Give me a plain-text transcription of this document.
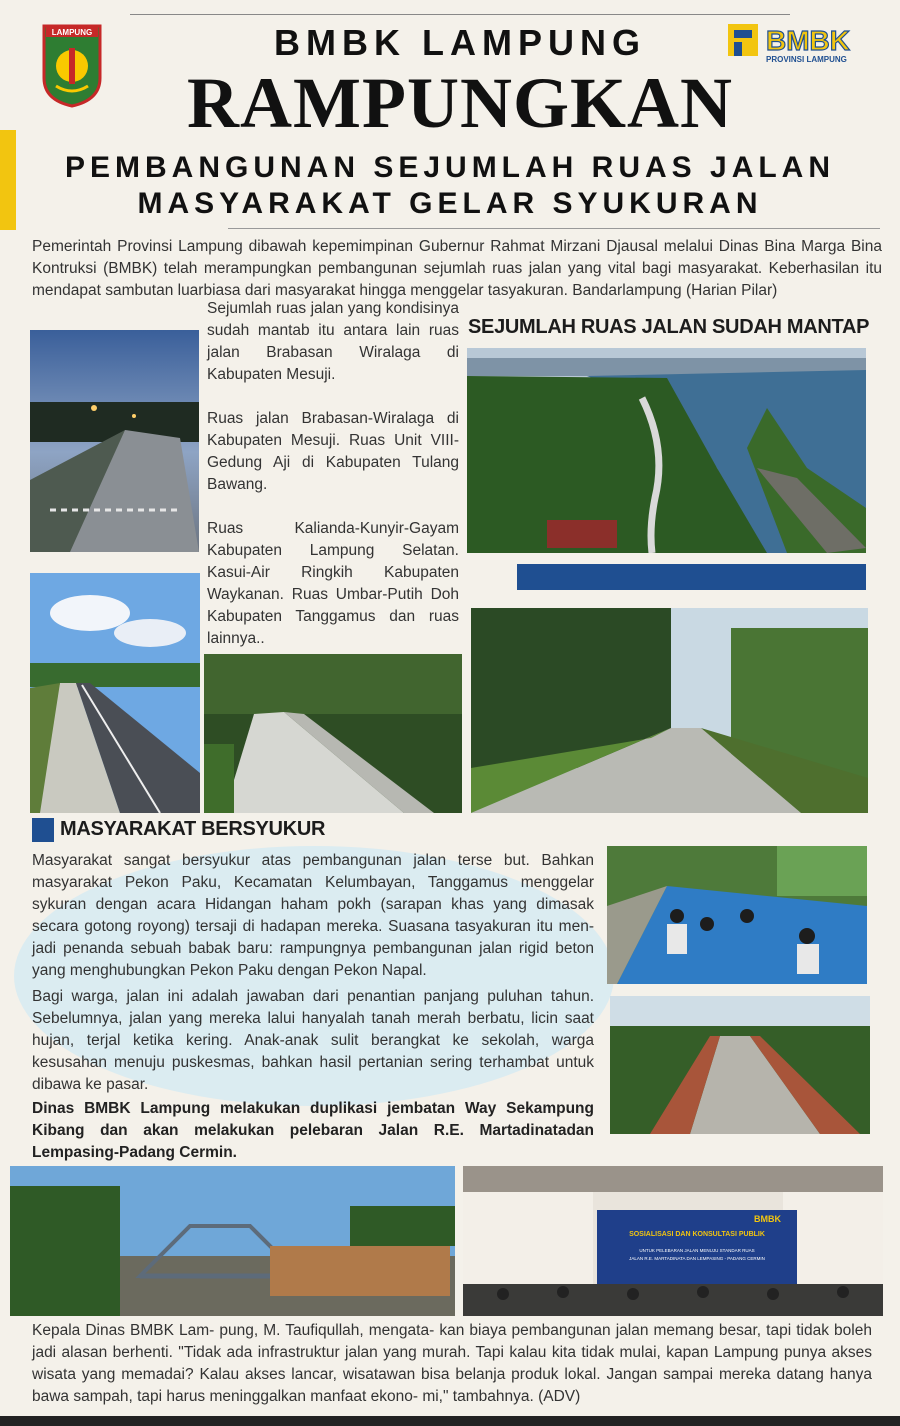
LAMPUNG	BMBK
PROVINSI LAMPUNG
BMBK LAMPUNG
RAMPUNGKAN
PEMBANGUNAN SEJUMLAH RUAS JALAN
MASYARAKAT GELAR SYUKURAN

Pemerintah Provinsi Lampung dibawah kepemimpinan Gubernur Rahmat Mirzani Djausal melalui Dinas Bina Marga Bina Kontruksi (BMBK) telah merampungkan pembangunan sejumlah ruas jalan yang vital bagi masyarakat. Keberhasilan itu mendapat sambutan luarbiasa dari masyarakat hingga menggelar tasyakuran. Bandarlampung (Harian Pilar)

Sejumlah ruas jalan yang kondisinya sudah mantab itu antara lain ruas jalan Brabasan Wiralaga di Kabupaten Mesuji.

Ruas jalan Brabasan-Wiralaga di Kabupaten Mesuji. Ruas Unit VIII-Gedung Aji di Kabupaten Tulang Bawang.

Ruas Kalianda-Kunyir-Gayam Kabupaten Lampung Selatan. Kasui-Air Ringkih Kabupaten Waykanan. Ruas Umbar-Putih Doh Kabupaten Tanggamus dan ruas lainnya..

SEJUMLAH RUAS JALAN SUDAH MANTAP
MASYARAKAT BERSYUKUR

Masyarakat sangat bersyukur atas pembangunan jalan terse but. Bahkan masyarakat Pekon Paku, Kecamatan Kelumbayan, Tanggamus menggelar sykuran dengan acara Hidangan haham pokh (sarapan khas yang dimasak secara gotong royong) tersaji di hadapan mereka. Suasana tasyakuran itu men- jadi penanda sebuah babak baru: rampungnya pembangunan jalan rigid beton yang menghubungkan Pekon Paku dengan Pekon Napal.

Bagi warga, jalan ini adalah jawaban dari penantian panjang puluhan tahun. Sebelumnya, jalan yang mereka lalui hanyalah tanah merah berbatu, licin saat hujan, terjal ketika kering. Anak-anak sulit berangkat ke sekolah, warga kesusahan menuju puskesmas, bahkan hasil pertanian sering terhambat untuk dibawa ke pasar.

Dinas BMBK Lampung melakukan duplikasi jembatan Way Sekampung Kibang dan akan melakukan pelebaran Jalan R.E. Martadinatadan Lempasing-Padang Cermin.

SOSIALISASI DAN KONSULTASI PUBLIK
UNTUK PELEBARAN JALAN MENUJU STANDAR RUAS
JALAN R.E. MARTADINATA DAN LEMPASING - PADANG CERMIN
BMBK

Kepala Dinas BMBK Lam- pung, M. Taufiqullah, mengata- kan biaya pembangunan jalan memang besar, tapi tidak boleh jadi alasan berhenti. "Tidak ada infrastruktur jalan yang murah. Tapi kalau kita tidak mulai, kapan Lampung punya akses wisata yang memadai? Kalau akses lancar, wisatawan bisa belanja produk lokal. Jangan sampai mereka datang hanya bawa sampah, tapi harus meninggalkan manfaat ekono- mi," tambahnya. (ADV)
